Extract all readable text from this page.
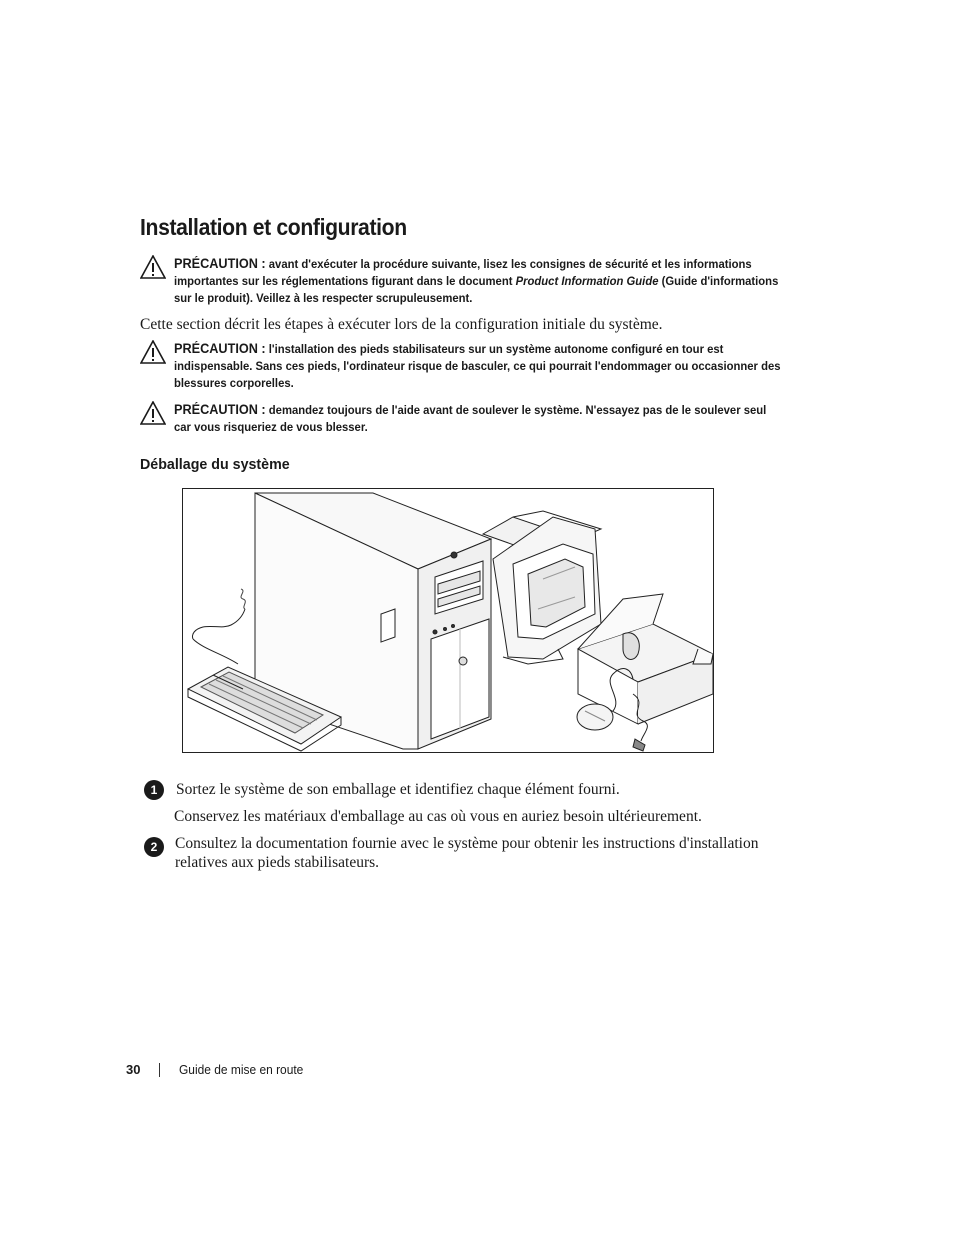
Installation et configuration
PRÉCAUTION : avant d'exécuter la procédure suivante, lisez les consignes de sécurité et les informations importantes sur les réglementations figurant dans le document Product Information Guide (Guide d'informations sur le produit). Veillez à les respecter scrupuleusement.
Cette section décrit les étapes à exécuter lors de la configuration initiale du système.
PRÉCAUTION : l'installation des pieds stabilisateurs sur un système autonome configuré en tour est indispensable. Sans ces pieds, l'ordinateur risque de basculer, ce qui pourrait l'endommager ou occasionner des blessures corporelles.
PRÉCAUTION : demandez toujours de l'aide avant de soulever le système. N'essayez pas de le soulever seul car vous risqueriez de vous blesser.
Déballage du système
1	Sortez le système de son emballage et identifiez chaque élément fourni.
Conservez les matériaux d'emballage au cas où vous en auriez besoin ultérieurement.
2	Consultez la documentation fournie avec le système pour obtenir les instructions d'installation relatives aux pieds stabilisateurs.
30	Guide de mise en route
